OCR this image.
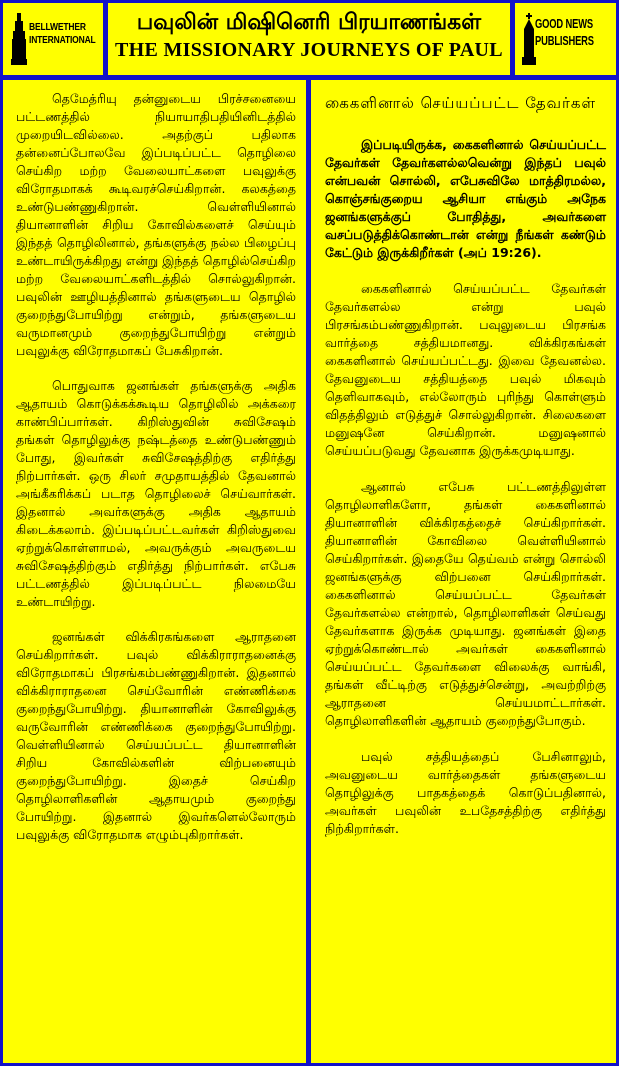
BELLWETHER
INTERNATIONAL
பவுலின் மிஷினெரி பிரயாணங்கள்
THE MISSIONARY JOURNEYS OF PAUL
GOOD NEWS
PUBLISHERS

தெமேத்ரியு தன்னுடைய பிரச்சனையை பட்டணத்தில் நியாயாதிபதியினிடத்தில் முறையிடவில்லை. அதற்குப் பதிலாக தன்னைப்போலவே இப்படிப்பட்ட தொழிலை செய்கிற மற்ற வேலையாட்களை பவுலுக்கு விரோதமாகக் கூடிவரச்செய்கிறான். கலகத்தை உண்டுபண்ணுகிறான். வெள்ளியினால் தியானாளின் சிறிய கோவில்களைச் செய்யும் இந்தத் தொழிலினால், தங்களுக்கு நல்ல பிழைப்பு உண்டாயிருக்கிறது என்று இந்தத் தொழில்செய்கிற மற்ற வேலையாட்களிடத்தில் சொல்லுகிறான். பவுலின் ஊழியத்தினால் தங்களுடைய தொழில் குறைந்துபோயிற்று என்றும், தங்களுடைய வருமானமும் குறைந்துபோயிற்று என்றும் பவுலுக்கு விரோதமாகப் பேசுகிறான்.

பொதுவாக ஜனங்கள் தங்களுக்கு அதிக ஆதாயம் கொடுக்கக்கூடிய தொழிலில் அக்கரை காண்பிப்பார்கள். கிறிஸ்துவின் சுவிசேஷம் தங்கள் தொழிலுக்கு நஷ்டத்தை உண்டுபண்ணும் போது, இவர்கள் சுவிசேஷத்திற்கு எதிர்த்து நிற்பார்கள். ஒரு சிலர் சமுதாயத்தில் தேவனால் அங்கீகரிக்கப் படாத தொழிலைச் செய்வார்கள். இதனால் அவர்களுக்கு அதிக ஆதாயம் கிடைக்கலாம். இப்படிப்பட்டவர்கள் கிறிஸ்துவை ஏற்றுக்கொள்ளாமல், அவருக்கும் அவருடைய சுவிசேஷத்திற்கும் எதிர்த்து நிற்பார்கள். எபேசு பட்டணத்தில் இப்படிப்பட்ட நிலமையே உண்டாயிற்று.

ஜனங்கள் விக்கிரகங்களை ஆராதனை செய்கிறார்கள். பவுல் விக்கிராராதனைக்கு விரோதமாகப் பிரசங்கம்பண்ணுகிறான். இதனால் விக்கிராராதனை செய்வோரின் எண்ணிக்கை குறைந்துபோயிற்று. தியானாளின் கோவிலுக்கு வருவோரின் எண்ணிக்கை குறைந்துபோயிற்று. வெள்ளியினால் செய்யப்பட்ட தியானாளின் சிறிய கோவில்களின் விற்பனையும் குறைந்துபோயிற்று. இதைச் செய்கிற தொழிலாளிகளின் ஆதாயமும் குறைந்து போயிற்று. இதனால் இவர்களெல்லோரும் பவுலுக்கு விரோதமாக எழும்புகிறார்கள்.

கைகளினால் செய்யப்பட்ட தேவர்கள்

இப்படியிருக்க, கைகளினால் செய்யப்பட்ட தேவர்கள் தேவர்களல்லவென்று இந்தப் பவுல் என்பவன் சொல்லி, எபேசுவிலே மாத்திரமல்ல, கொஞ்சங்குறைய ஆசியா எங்கும் அநேக ஜனங்களுக்குப் போதித்து, அவர்களை வசப்படுத்திக்கொண்டான் என்று நீங்கள் கண்டும் கேட்டும் இருக்கிறீர்கள் (அப் 19:26).

கைகளினால் செய்யப்பட்ட தேவர்கள் தேவர்களல்ல என்று பவுல் பிரசங்கம்பண்ணுகிறான். பவுலுடைய பிரசங்க வார்த்தை சத்தியமானது. விக்கிரகங்கள் கைகளினால் செய்யப்பட்டது. இவை தேவனல்ல. தேவனுடைய சத்தியத்தை பவுல் மிகவும் தெளிவாகவும், எல்லோரும் புரிந்து கொள்ளும் விதத்திலும் எடுத்துச் சொல்லுகிறான். சிலைகளை மனுஷனே செய்கிறான். மனுஷனால் செய்யப்படுவது தேவனாக இருக்கமுடியாது.

ஆனால் எபேசு பட்டணத்திலுள்ள தொழிலாளிகளோ, தங்கள் கைகளினால் தியானாளின் விக்கிரகத்தைச் செய்கிறார்கள். தியானாளின் கோவிலை வெள்ளியினால் செய்கிறார்கள். இதையே தெய்வம் என்று சொல்லி ஜனங்களுக்கு விற்பனை செய்கிறார்கள். கைகளினால் செய்யப்பட்ட தேவர்கள் தேவர்களல்ல என்றால், தொழிலாளிகள் செய்வது தேவர்களாக இருக்க முடியாது. ஜனங்கள் இதை ஏற்றுக்கொண்டால் அவர்கள் கைகளினால் செய்யப்பட்ட தேவர்களை விலைக்கு வாங்கி, தங்கள் வீட்டிற்கு எடுத்துச்சென்று, அவற்றிற்கு ஆராதனை செய்யமாட்டார்கள். தொழிலாளிகளின் ஆதாயம் குறைந்துபோகும்.

பவுல் சத்தியத்தைப் பேசினாலும், அவனுடைய வார்த்தைகள் தங்களுடைய தொழிலுக்கு பாதகத்தைக் கொடுப்பதினால், அவர்கள் பவுலின் உபதேசத்திற்கு எதிர்த்து நிற்கிறார்கள்.
